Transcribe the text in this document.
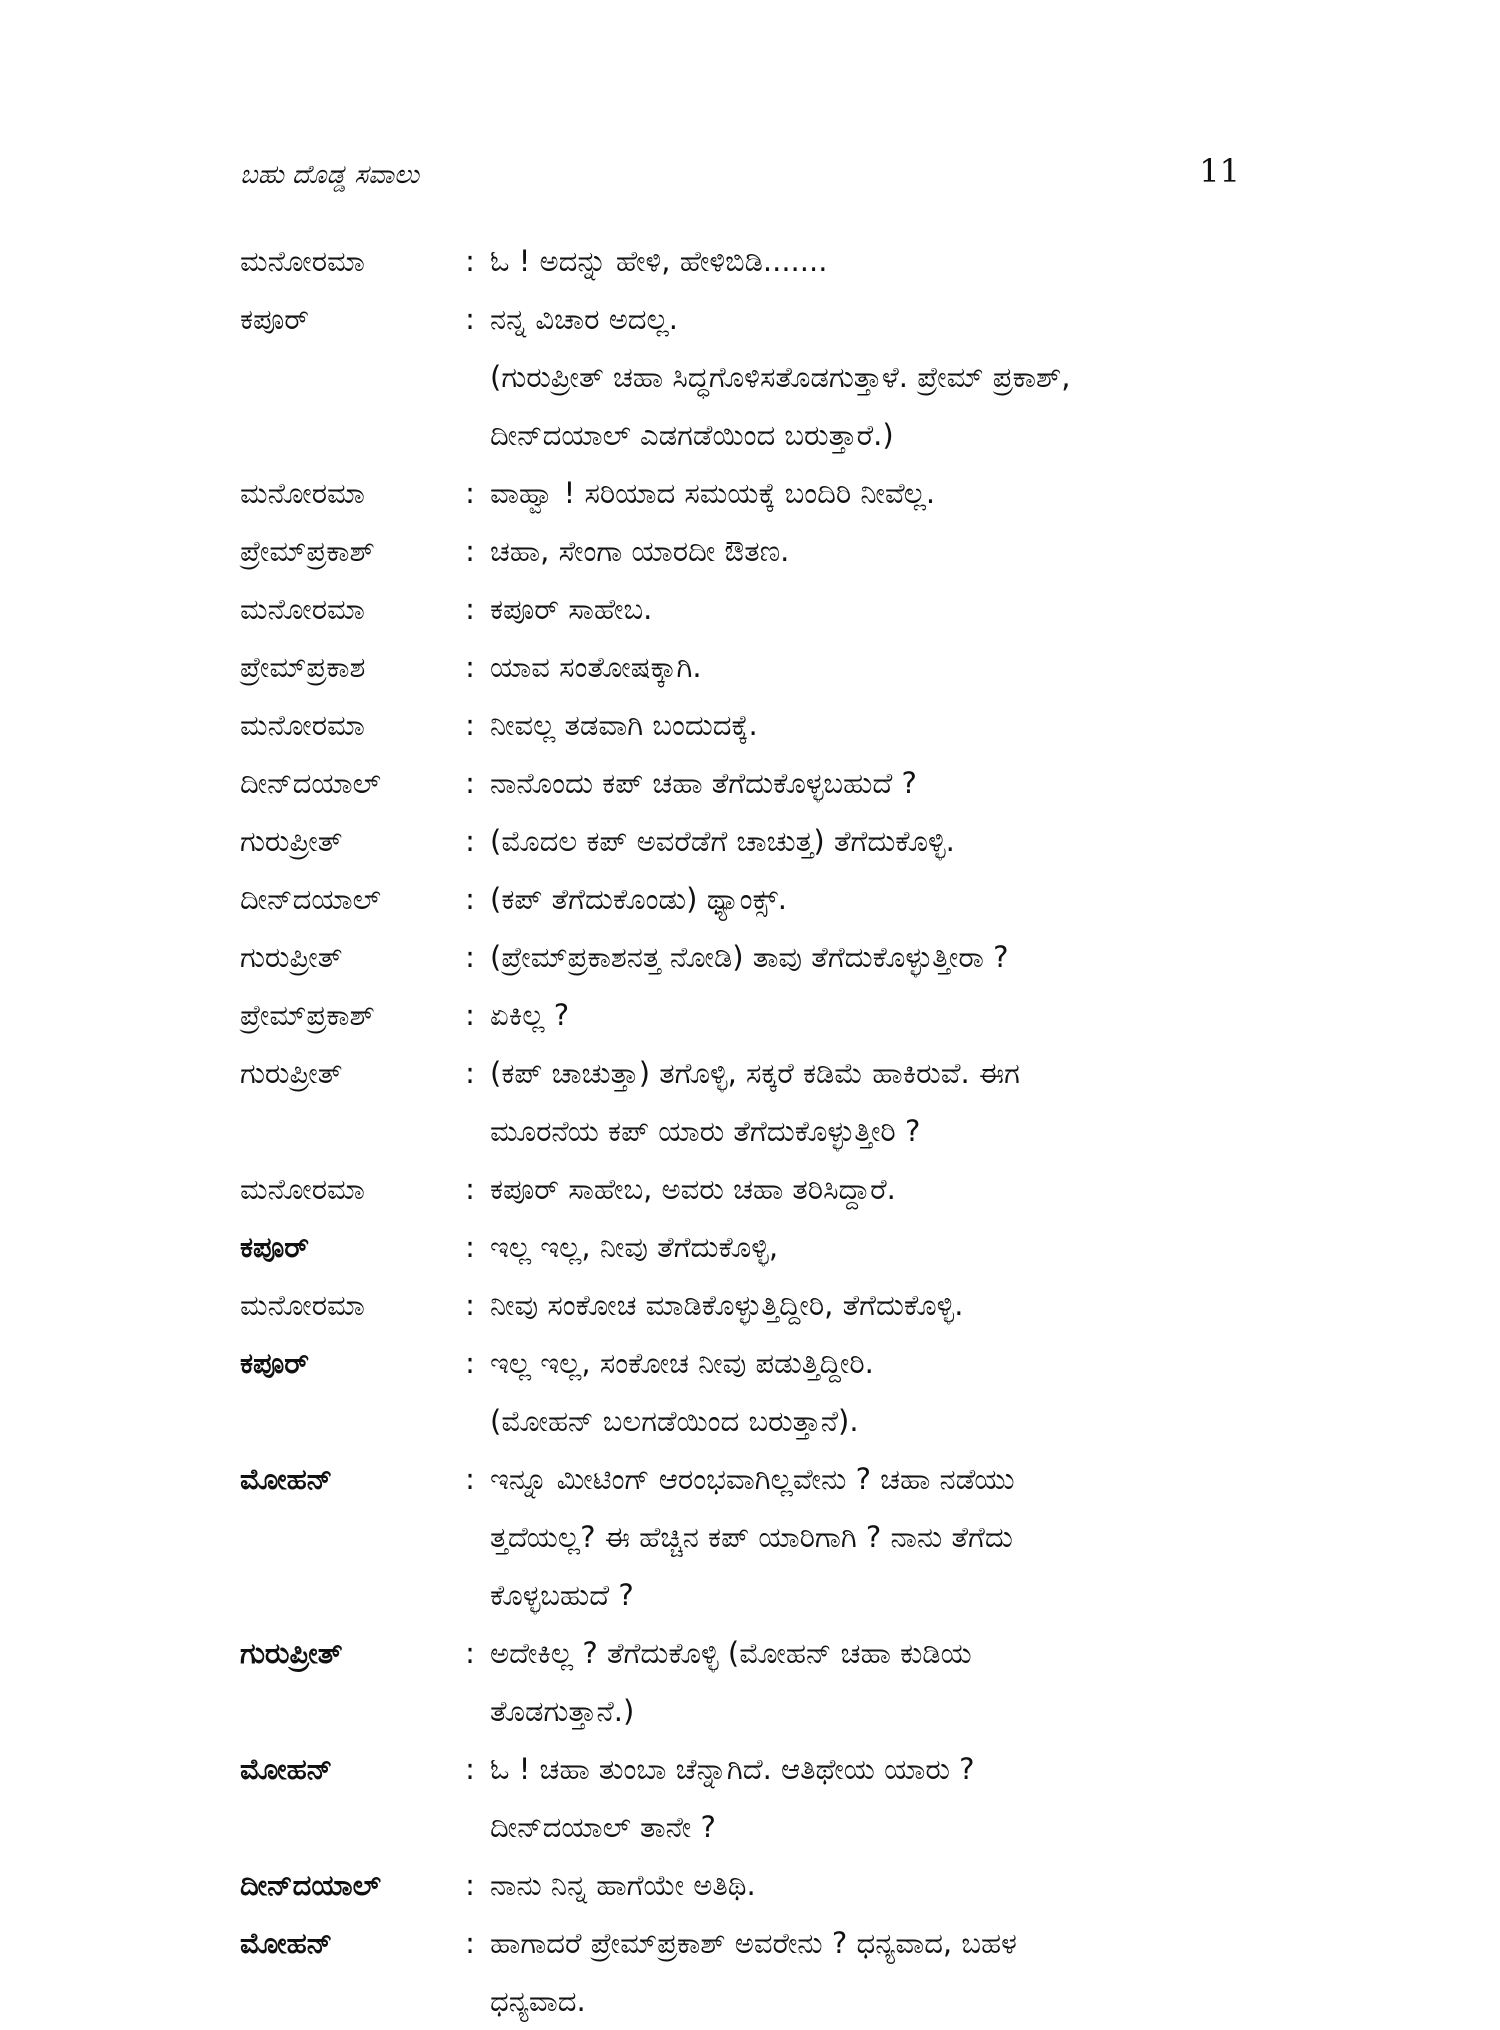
ಬಹು ದೊಡ್ಡ ಸವಾಲು	11
ಮನೋರಮಾ	: ಓ ! ಅದನ್ನು ಹೇಳಿ, ಹೇಳಿಬಿಡಿ.......
ಕಪೂರ್	: ನನ್ನ ವಿಚಾರ ಅದಲ್ಲ.
(ಗುರುಪ್ರೀತ್ ಚಹಾ ಸಿದ್ಧಗೊಳಿಸತೊಡಗುತ್ತಾಳೆ. ಪ್ರೇಮ್ ಪ್ರಕಾಶ್,
ದೀನ್‌ದಯಾಲ್ ಎಡಗಡೆಯಿಂದ ಬರುತ್ತಾರೆ.)
ಮನೋರಮಾ	: ವಾಹ್ವಾ ! ಸರಿಯಾದ ಸಮಯಕ್ಕೆ ಬಂದಿರಿ ನೀವೆಲ್ಲ.
ಪ್ರೇಮ್‌ಪ್ರಕಾಶ್	: ಚಹಾ, ಸೇಂಗಾ ಯಾರದೀ ಔತಣ.
ಮನೋರಮಾ	: ಕಪೂರ್ ಸಾಹೇಬ.
ಪ್ರೇಮ್‌ಪ್ರಕಾಶ	: ಯಾವ ಸಂತೋಷಕ್ಕಾಗಿ.
ಮನೋರಮಾ	: ನೀವಲ್ಲ ತಡವಾಗಿ ಬಂದುದಕ್ಕೆ.
ದೀನ್‌ದಯಾಲ್	: ನಾನೊಂದು ಕಪ್ ಚಹಾ ತೆಗೆದುಕೊಳ್ಳಬಹುದೆ ?
ಗುರುಪ್ರೀತ್	: (ಮೊದಲ ಕಪ್ ಅವರೆಡೆಗೆ ಚಾಚುತ್ತ) ತೆಗೆದುಕೊಳ್ಳಿ.
ದೀನ್‌ದಯಾಲ್	: (ಕಪ್ ತೆಗೆದುಕೊಂಡು) ಥ್ಯಾಂಕ್ಸ್.
ಗುರುಪ್ರೀತ್	: (ಪ್ರೇಮ್‌ಪ್ರಕಾಶನತ್ತ ನೋಡಿ) ತಾವು ತೆಗೆದುಕೊಳ್ಳುತ್ತೀರಾ ?
ಪ್ರೇಮ್‌ಪ್ರಕಾಶ್	: ಏಕಿಲ್ಲ ?
ಗುರುಪ್ರೀತ್	: (ಕಪ್ ಚಾಚುತ್ತಾ) ತಗೊಳ್ಳಿ, ಸಕ್ಕರೆ ಕಡಿಮೆ ಹಾಕಿರುವೆ. ಈಗ
ಮೂರನೆಯ ಕಪ್ ಯಾರು ತೆಗೆದುಕೊಳ್ಳುತ್ತೀರಿ ?
ಮನೋರಮಾ	: ಕಪೂರ್ ಸಾಹೇಬ, ಅವರು ಚಹಾ ತರಿಸಿದ್ದಾರೆ.
ಕಪೂರ್	: ಇಲ್ಲ ಇಲ್ಲ, ನೀವು ತೆಗೆದುಕೊಳ್ಳಿ,
ಮನೋರಮಾ	: ನೀವು ಸಂಕೋಚ ಮಾಡಿಕೊಳ್ಳುತ್ತಿದ್ದೀರಿ, ತೆಗೆದುಕೊಳ್ಳಿ.
ಕಪೂರ್	: ಇಲ್ಲ ಇಲ್ಲ, ಸಂಕೋಚ ನೀವು ಪಡುತ್ತಿದ್ದೀರಿ.
(ಮೋಹನ್ ಬಲಗಡೆಯಿಂದ ಬರುತ್ತಾನೆ).
ಮೋಹನ್	: ಇನ್ನೂ ಮೀಟಿಂಗ್ ಆರಂಭವಾಗಿಲ್ಲವೇನು ? ಚಹಾ ನಡೆಯು
ತ್ತದೆಯಲ್ಲ? ಈ ಹೆಚ್ಚಿನ ಕಪ್ ಯಾರಿಗಾಗಿ ? ನಾನು ತೆಗೆದು
ಕೊಳ್ಳಬಹುದೆ ?
ಗುರುಪ್ರೀತ್	: ಅದೇಕಿಲ್ಲ ? ತೆಗೆದುಕೊಳ್ಳಿ (ಮೋಹನ್ ಚಹಾ ಕುಡಿಯ
ತೊಡಗುತ್ತಾನೆ.)
ಮೋಹನ್	: ಓ ! ಚಹಾ ತುಂಬಾ ಚೆನ್ನಾಗಿದೆ. ಆತಿಥೇಯ ಯಾರು ?
ದೀನ್‌ದಯಾಲ್ ತಾನೇ ?
ದೀನ್‌ದಯಾಲ್	: ನಾನು ನಿನ್ನ ಹಾಗೆಯೇ ಅತಿಥಿ.
ಮೋಹನ್	: ಹಾಗಾದರೆ ಪ್ರೇಮ್‌ಪ್ರಕಾಶ್ ಅವರೇನು ? ಧನ್ಯವಾದ, ಬಹಳ
ಧನ್ಯವಾದ.
